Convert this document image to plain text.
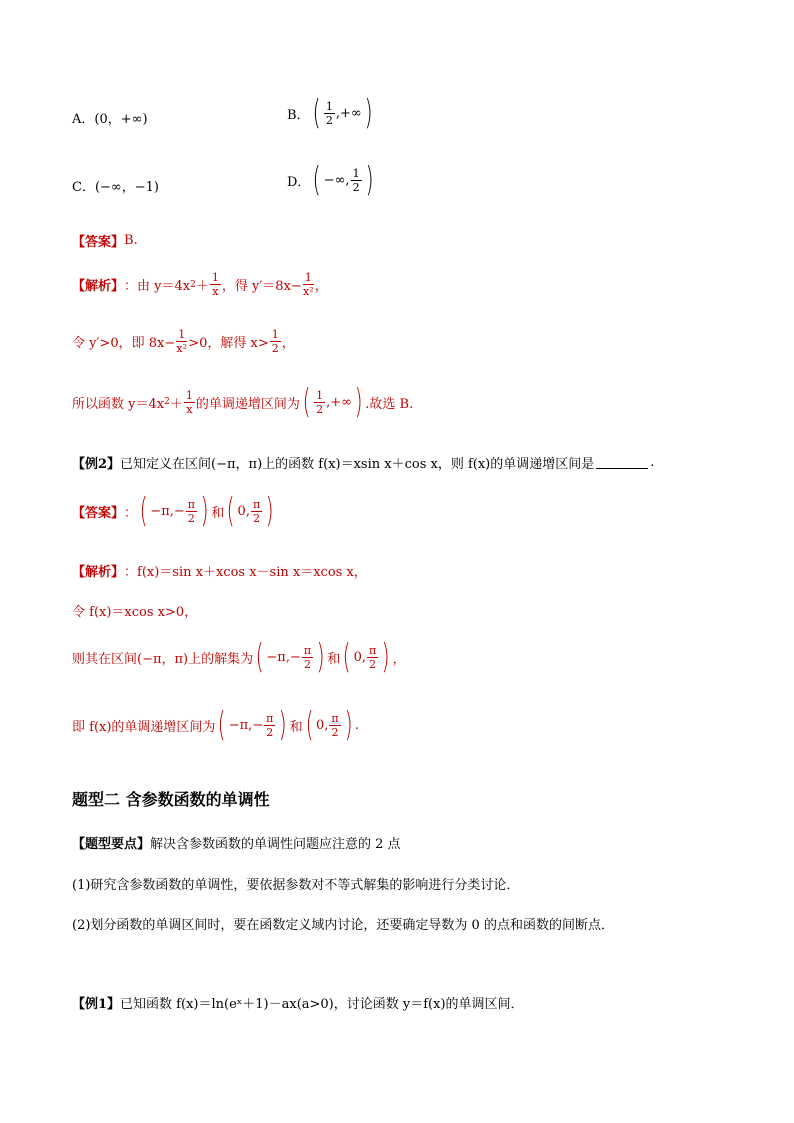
A．(0，+∞)	B． ( $\frac{1}{2}$ ,+∞ )
C．(−∞，−1)	D． ( −∞, $\frac{1}{2}$ )
【答案】 B.
【解析】 ：由 y＝4x $2 + \frac{1}{x}$ ，得 $y'=8x- \frac{1}{\text{x²}}$ ，
令 y′>0，即 $8x- \frac{1}{\text{x²}} >0$，解得 $x> \frac{1}{2}$ ，
所以函数 y＝4x $2 + \frac{1}{x}$ 的单调递增区间为 ( $\frac{1}{2}$ ,+∞ ) .故选 B.
【例2】 已知定义在区间(−π，π)上的函数 f(x)＝xsin x＋cos x，则 f(x)的单调递增区间是	.
【答案】 ： ( $-\pi,- \frac{\pi}{2}$ ) 和 ( 0, $\frac{\pi}{2}$ )
【解析】 ：f(x)＝sin x＋xcos x－sin x＝xcos x，
令 f(x)＝xcos x>0，
则其在区间(−π，π)上的解集为 ( $-\pi,- \frac{\pi}{2}$ ) 和 ( 0, $\frac{\pi}{2}$ ) ，
即 f(x)的单调递增区间为 ( $-\pi,- \frac{\pi}{2}$ ) 和 ( 0, $\frac{\pi}{2}$ ) .
题型二 含参数函数的单调性
【题型要点】 解决含参数函数的单调性问题应注意的 2 点
(1)研究含参数函数的单调性，要依据参数对不等式解集的影响进行分类讨论．
(2)划分函数的单调区间时，要在函数定义域内讨论，还要确定导数为 0 的点和函数的间断点．
【例1】 已知函数 f(x)＝ln(eˣ＋1)－ax(a>0)，讨论函数 y＝f(x)的单调区间．
